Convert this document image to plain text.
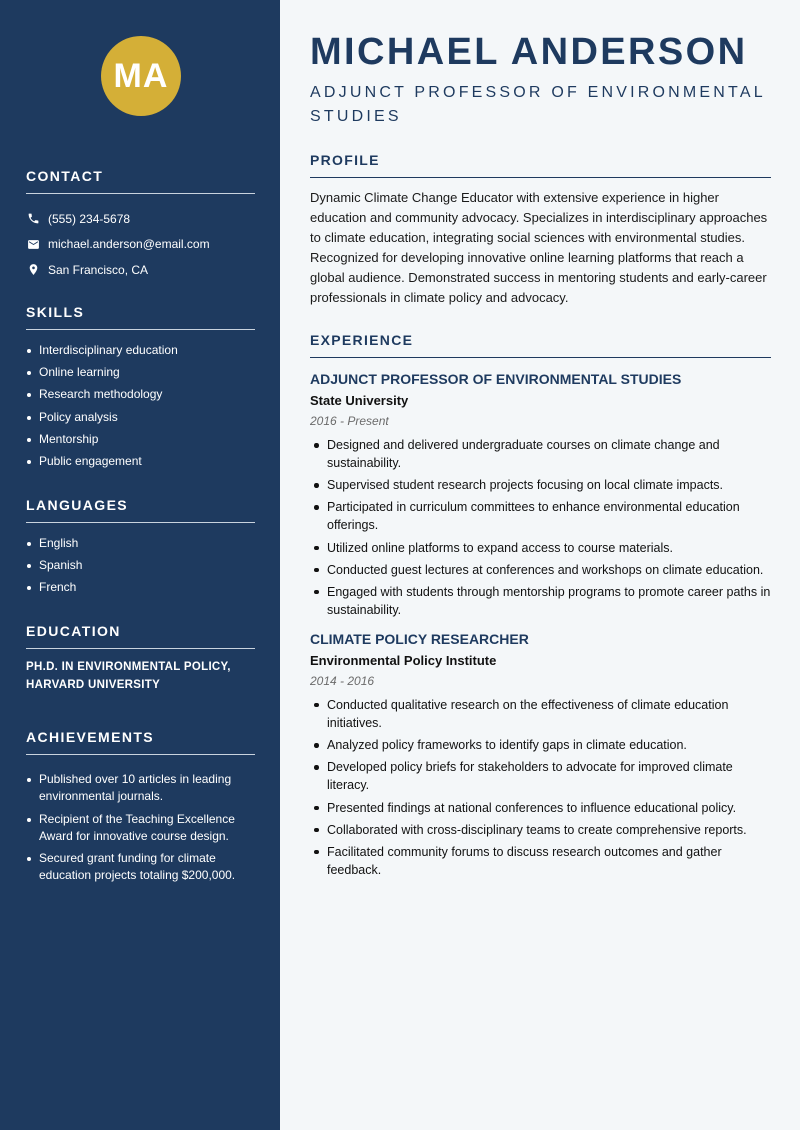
MA
CONTACT
(555) 234-5678
michael.anderson@email.com
San Francisco, CA
SKILLS
Interdisciplinary education
Online learning
Research methodology
Policy analysis
Mentorship
Public engagement
LANGUAGES
English
Spanish
French
EDUCATION

PH.D. IN ENVIRONMENTAL POLICY, HARVARD UNIVERSITY

ACHIEVEMENTS
Published over 10 articles in leading environmental journals.
Recipient of the Teaching Excellence Award for innovative course design.
Secured grant funding for climate education projects totaling $200,000.
MICHAEL ANDERSON
ADJUNCT PROFESSOR OF ENVIRONMENTAL STUDIES
PROFILE

Dynamic Climate Change Educator with extensive experience in higher education and community advocacy. Specializes in interdisciplinary approaches to climate education, integrating social sciences with environmental studies. Recognized for developing innovative online learning platforms that reach a global audience. Demonstrated success in mentoring students and early-career professionals in climate policy and advocacy.

EXPERIENCE
ADJUNCT PROFESSOR OF ENVIRONMENTAL STUDIES
State University
2016 - Present
Designed and delivered undergraduate courses on climate change and sustainability.
Supervised student research projects focusing on local climate impacts.
Participated in curriculum committees to enhance environmental education offerings.
Utilized online platforms to expand access to course materials.
Conducted guest lectures at conferences and workshops on climate education.
Engaged with students through mentorship programs to promote career paths in sustainability.
CLIMATE POLICY RESEARCHER
Environmental Policy Institute
2014 - 2016
Conducted qualitative research on the effectiveness of climate education initiatives.
Analyzed policy frameworks to identify gaps in climate education.
Developed policy briefs for stakeholders to advocate for improved climate literacy.
Presented findings at national conferences to influence educational policy.
Collaborated with cross-disciplinary teams to create comprehensive reports.
Facilitated community forums to discuss research outcomes and gather feedback.
